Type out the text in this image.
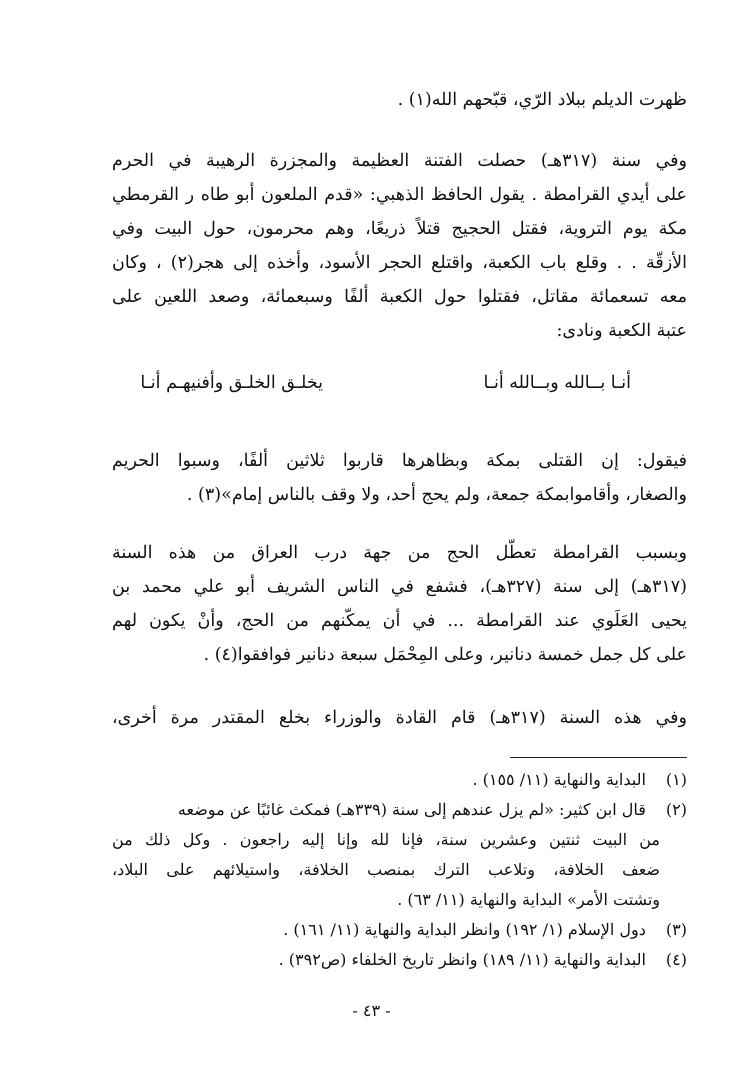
ظهرت الديلم ببلاد الرّي، قبّحهم الله(١) .
وفي سنة (٣١٧هـ) حصلت الفتنة العظيمة والمجزرة الرهيبة في الحرم
على أيدي القرامطة . يقول الحافظ الذهبي: «قدم الملعون أبو طاه ر القرمطي
مكة يوم التروية، فقتل الحجيج قتلاً ذريعًا، وهم محرمون، حول البيت وفي
الأزقّة . . وقلع باب الكعبة، واقتلع الحجر الأسود، وأخذه إلى هجر(٢) ، وكان
معه تسعمائة مقاتل، فقتلوا حول الكعبة ألفًا وسبعمائة، وصعد اللعين على
عتبة الكعبة ونادى:
أنـا بــالله وبــالله أنـا
يخلـق الخلـق وأفنيهـم أنـا
فيقول: إن القتلى بمكة وبظاهرها قاربوا ثلاثين ألفًا، وسبوا الحريم
والصغار، وأقاموابمكة جمعة، ولم يحج أحد، ولا وقف بالناس إمام»(٣) .
وبسبب القرامطة تعطّل الحج من جهة درب العراق من هذه السنة
(٣١٧هـ) إلى سنة (٣٢٧هـ)، فشفع في الناس الشريف أبو علي محمد بن
يحيى العَلَوي عند القرامطة ... في أن يمكّنهم من الحج، وأنْ يكون لهم
على كل جمل خمسة دنانير، وعلى المِحْمَل سبعة دنانير فوافقوا(٤) .
وفي هذه السنة (٣١٧هـ) قام القادة والوزراء بخلع المقتدر مرة أخرى،
(١) البداية والنهاية (١١/ ١٥٥) .
(٢) قال ابن كثير: «لم يزل عندهم إلى سنة (٣٣٩هـ) فمكث غائبًا عن موضعه
من البيت ثنتين وعشرين سنة، فإنا لله وإنا إليه راجعون . وكل ذلك من
ضعف الخلافة، وتلاعب الترك بمنصب الخلافة، واستيلائهم على البلاد،
وتشتت الأمر» البداية والنهاية (١١/ ٦٣) .
(٣) دول الإسلام (١/ ١٩٢) وانظر البداية والنهاية (١١/ ١٦١) .
(٤) البداية والنهاية (١١/ ١٨٩) وانظر تاريخ الخلفاء (ص٣٩٢) .
- ٤٣ -
